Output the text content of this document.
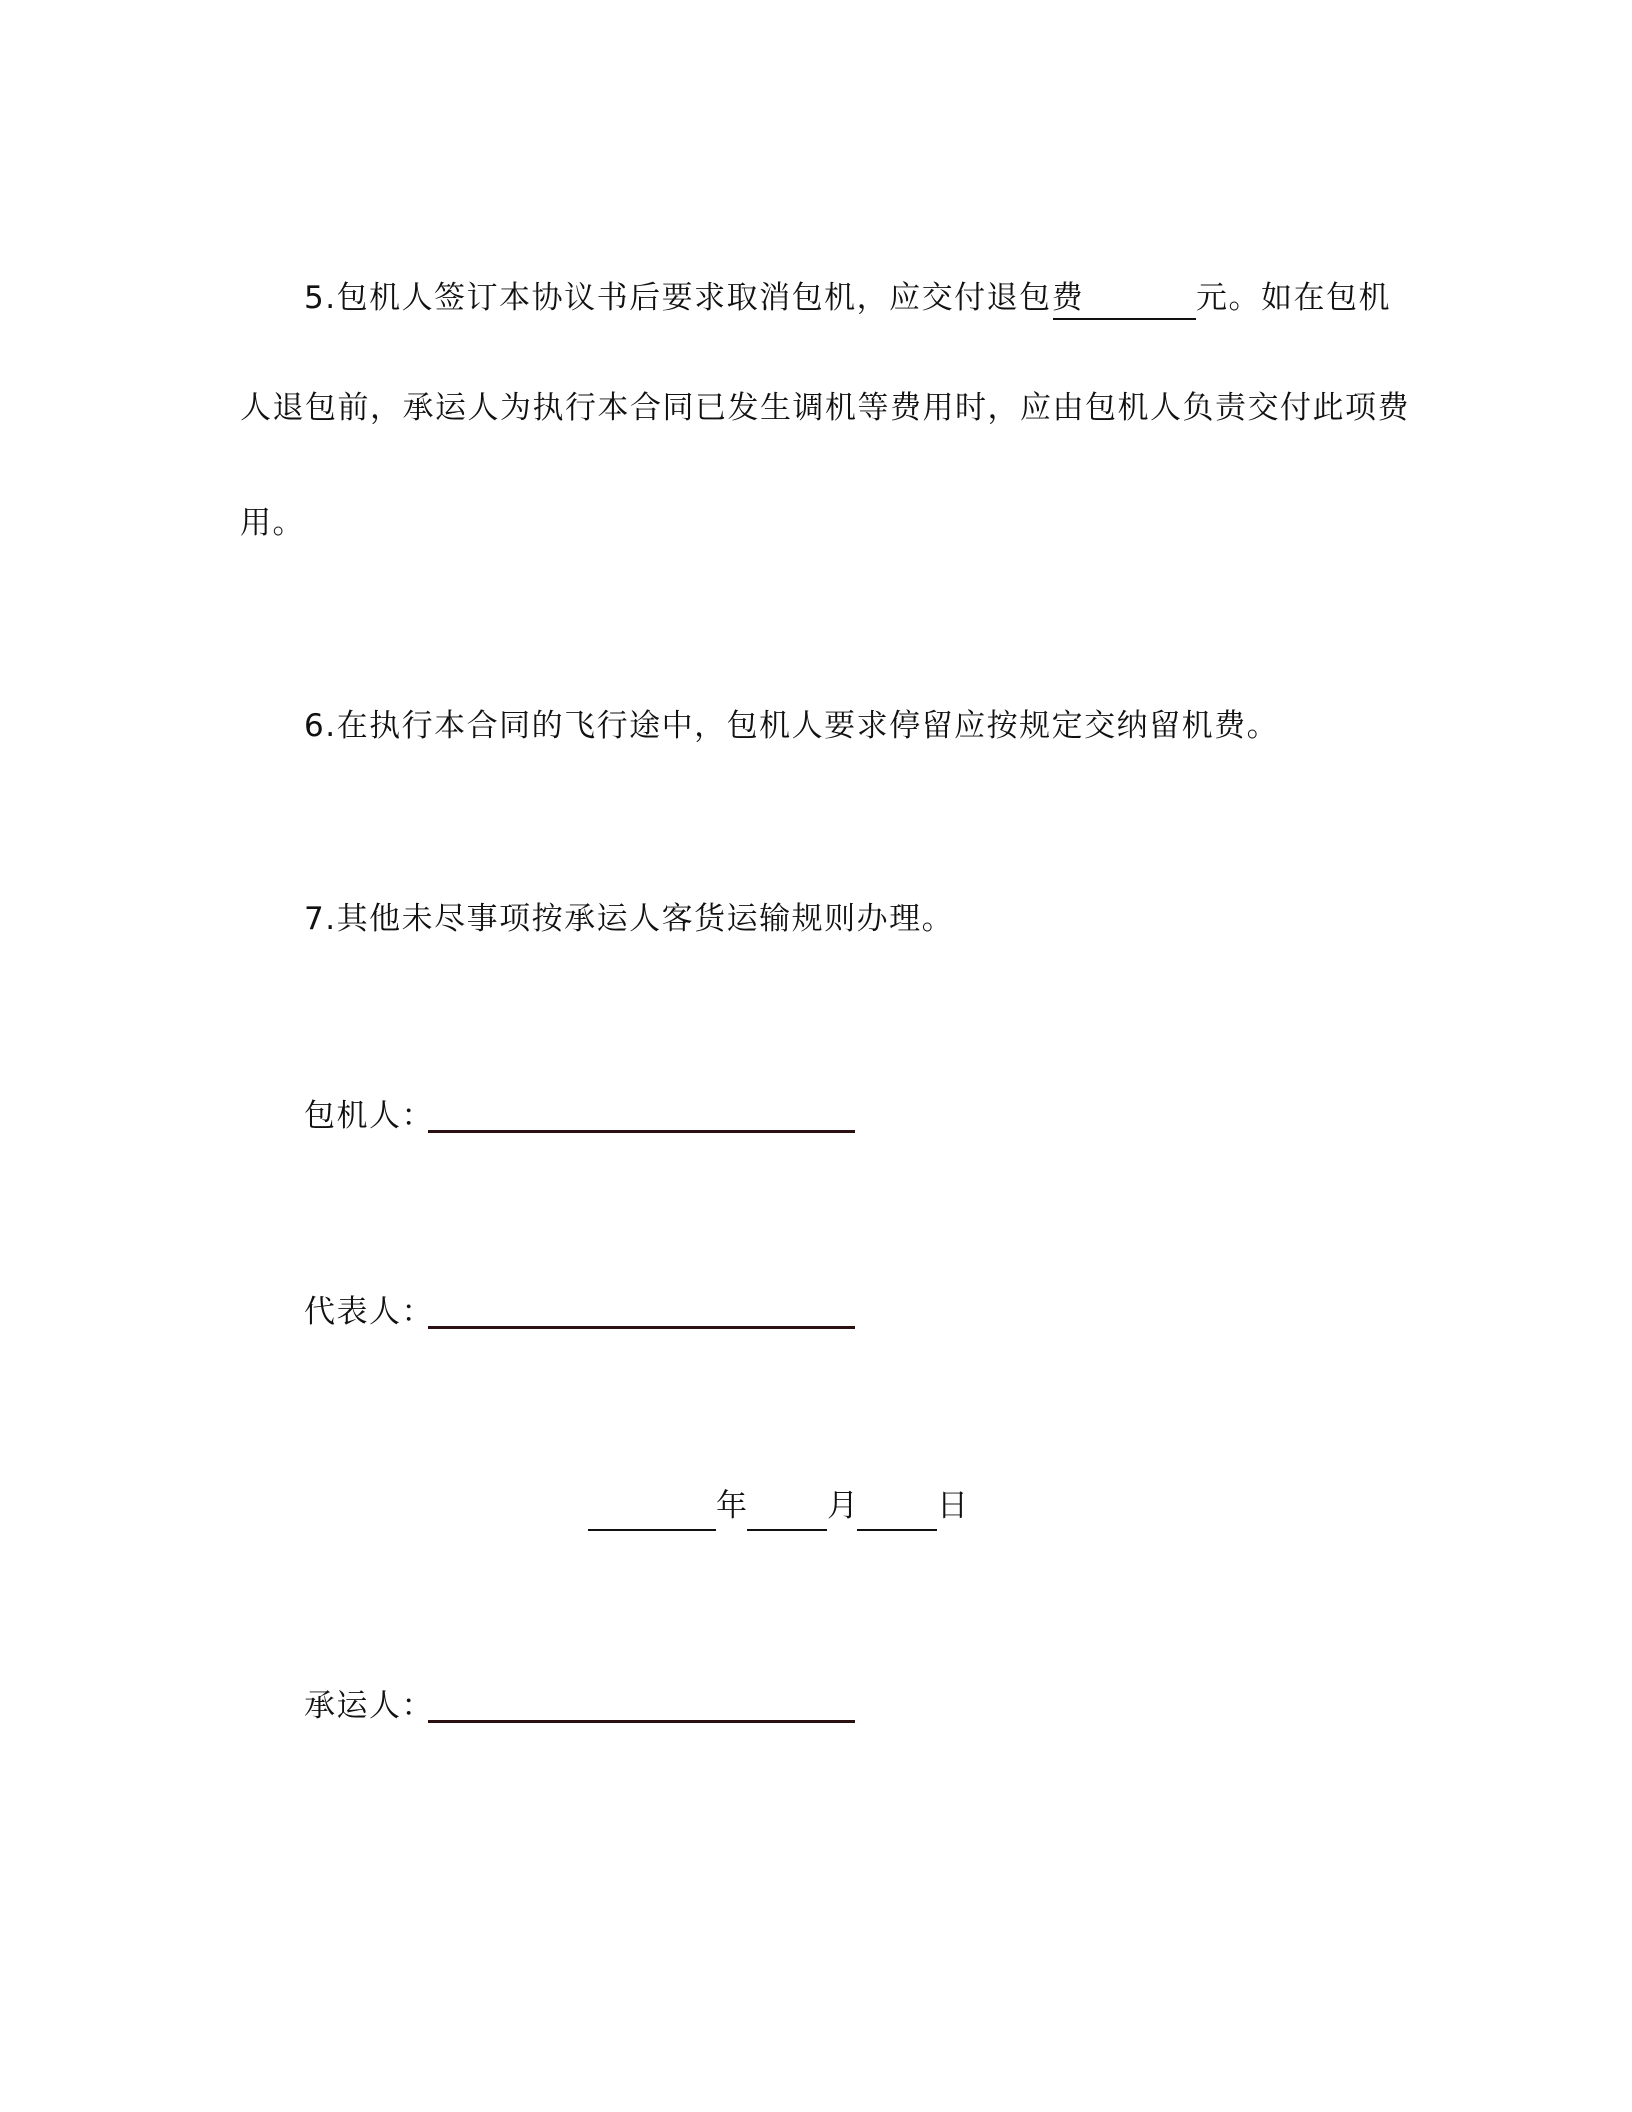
5.包机人签订本协议书后要求取消包机，应交付退包费	元。如在包机
人退包前，承运人为执行本合同已发生调机等费用时，应由包机人负责交付此项费
用。
6.在执行本合同的飞行途中，包机人要求停留应按规定交纳留机费。
7.其他未尽事项按承运人客货运输规则办理。
包机人：
代表人：
年	月	日
承运人：
